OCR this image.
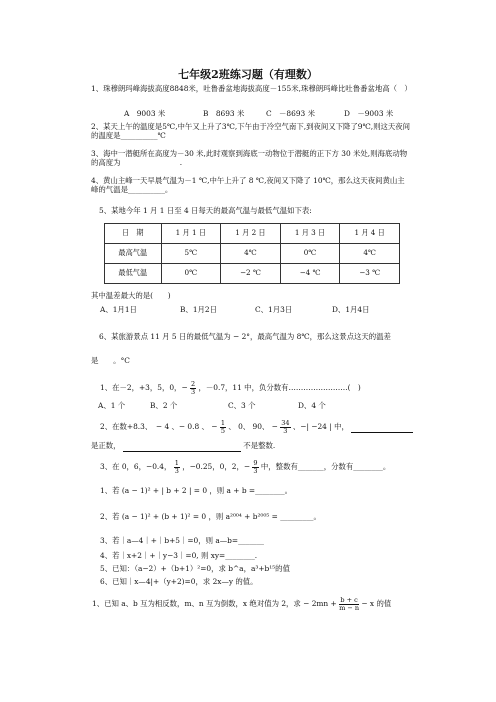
七年级2班练习题（有理数）
1、珠穆朗玛峰海拔高度8848米，吐鲁番盆地海拔高度－155米,珠穆朗玛峰比吐鲁番盆地高（　）
A　9003 米	B　8693 米	C　－8693 米	D　－9003 米
2、某天上午的温度是5℃,中午又上升了3℃,下午由于冷空气南下,到夜间又下降了9℃,则这天夜间的温度是__________℃
3、海中一潜艇所在高度为－30 米,此时观察到海底一动物位于潜艇的正下方 30 米处,则海底动物的高度为　　　　　　　　.
4、黄山主峰一天早晨气温为－1 ℃,中午上升了 8 ℃,夜间又下降了 10℃，那么这天夜间黄山主峰的气温是__________。
5、某地今年 1 月 1 日至 4 日每天的最高气温与最低气温如下表:
日　期	1 月 1 日	1 月 2 日	1 月 3 日	1 月 4 日
最高气温	5℃	4℃	0℃	4℃
最低气温	0℃	−2 ℃	−4 ℃	−3 ℃
其中温差最大的是(　　)
A、1月1日	B、1月2日	C、1月3日	D、1月4日
6、某旅游景点 11 月 5 日的最低气温为 − 2°，最高气温为 8℃，那么这景点这天的温差
是　　。°C
1、在－2，+3，5，0，− $\frac{2}{3}$ ，－0.7，11 中，负分数有……………………(　)
A、1 个	B、2 个	C、3 个	D、4 个
2、在数+8.3、　− 4 、− 0.8 、 − $\frac{1}{5}$ 、 0、 90、 − $\frac{34}{3}$ 、−| −24 | 中，
是正数，	不是整数.
3、在 0，6，−0.4， $\frac{1}{3}$ ，−0.25，0，2，− $\frac{9}{3}$ 中，整数有_______，分数有________。
1、若 (a − 1)² + | b + 2 | = 0 ，则 a + b =________。
2、若 (a − 1)² + (b + 1)² = 0 ，则 a²⁰⁰⁴ + b²⁰⁰⁵ = _________。
3、若｜a—4｜+｜b+5｜=0，则 a—b=_______
4、若｜x+2｜+｜y−3｜=0, 则 xy=________.
5、已知：（a−2）+（b+1）²=0，求 b^a，a³+b¹⁵的值
6、已知｜x—4|+（y+2)=0，求 2x—y 的值。
1、已知 a、b 互为相反数，m、n 互为倒数，x 绝对值为 2，求 − $2mn + \frac{b + c}{m - n} - x$ 的值
